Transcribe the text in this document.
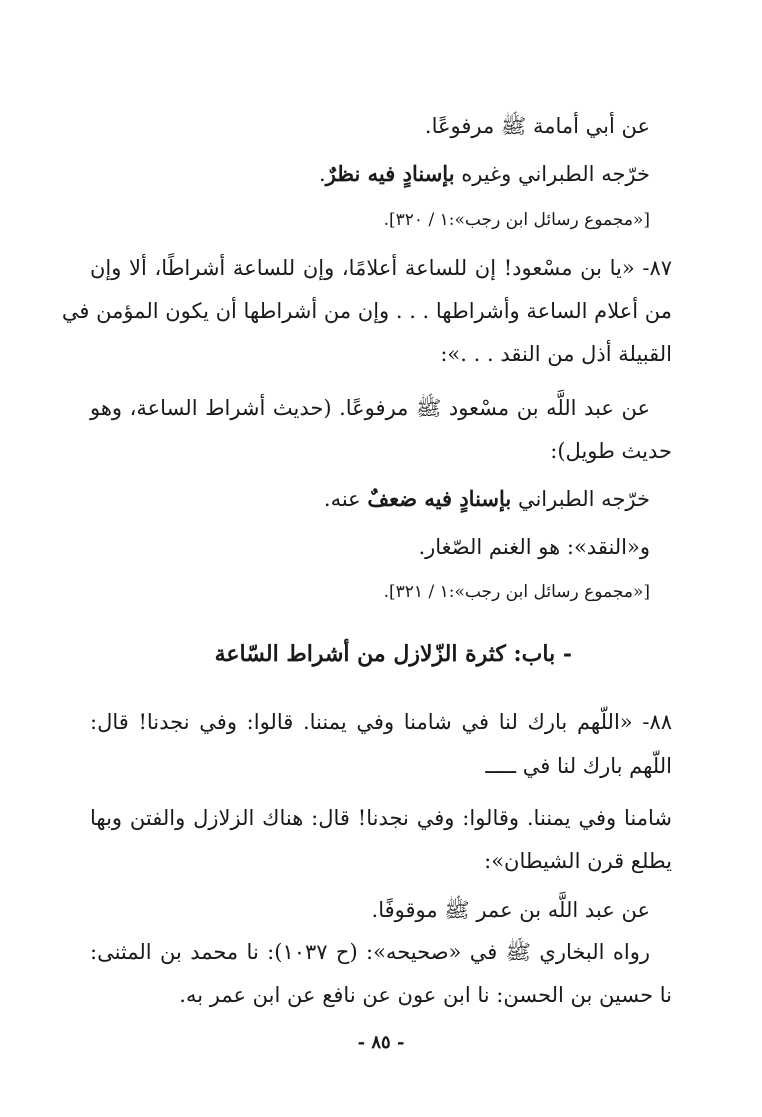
عن أبي أمامة ﷺ مرفوعًا.
خرّجه الطبراني وغيره بإسنادٍ فيه نظرٌ.
[«مجموع رسائل ابن رجب»:١ / ٣٢٠].
٨٧- «يا بن مسْعود! إن للساعة أعلامًا، وإن للساعة أشراطًا، ألا وإن
من أعلام الساعة وأشراطها . . . وإن من أشراطها أن يكون المؤمن في
القبيلة أذل من النقد . . .»:
عن عبد اللَّه بن مسْعود ﷺ مرفوعًا. (حديث أشراط الساعة، وهو
حديث طويل):
خرّجه الطبراني بإسنادٍ فيه ضعفٌ عنه.
و«النقد»: هو الغنم الصّغار.
[«مجموع رسائل ابن رجب»:١ / ٣٢١].
- باب: كثرة الزّلازل من أشراط السّاعة
٨٨- «اللّهم بارك لنا في شامنا وفي يمننا. قالوا: وفي نجدنا! قال:
اللّهم بارك لنا في ـــــ
شامنا وفي يمننا. وقالوا: وفي نجدنا! قال: هناك الزلازل والفتن وبها
يطلع قرن الشيطان»:
عن عبد اللَّه بن عمر ﷺ موقوفًا.
رواه البخاري ﷺ في «صحيحه»: (ح ١٠٣٧): نا محمد بن المثنى:
نا حسين بن الحسن: نا ابن عون عن نافع عن ابن عمر به.
- ٨٥ -
